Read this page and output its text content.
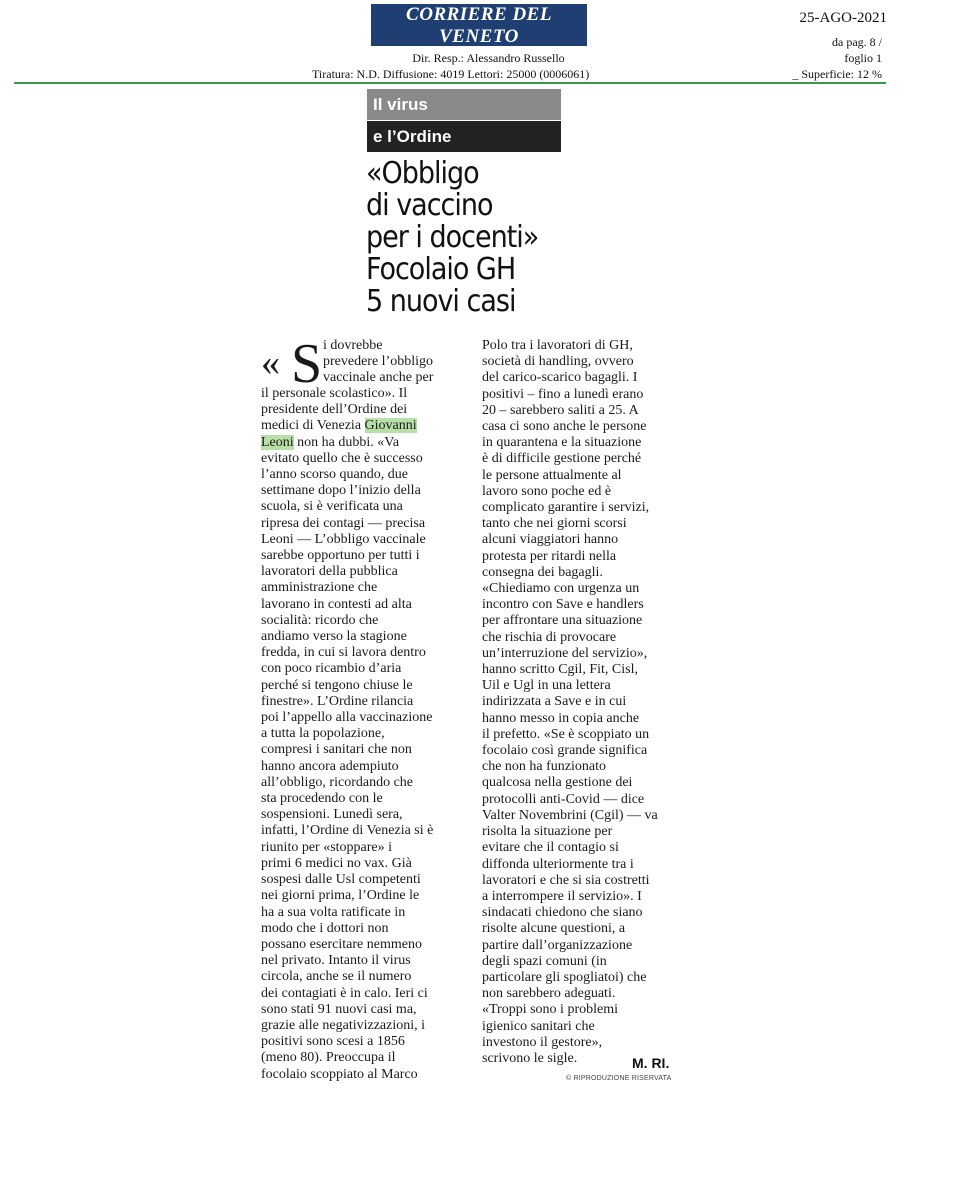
CORRIERE DEL VENETO
Dir. Resp.: Alessandro Russello
Tiratura: N.D. Diffusione: 4019 Lettori: 25000 (0006061)
25-AGO-2021
da pag. 8 /
foglio 1
_ Superficie: 12 %
Il virus
e l’Ordine
«Obbligo
di vaccino
per i docenti»
Focolaio GH
5 nuovi casi
« S i dovrebbe
prevedere l’obbligo
vaccinale anche per
il personale scolastico». Il
presidente dell’Ordine dei
medici di Venezia Giovanni
Leoni non ha dubbi. «Va
evitato quello che è successo
l’anno scorso quando, due
settimane dopo l’inizio della
scuola, si è verificata una
ripresa dei contagi — precisa
Leoni — L’obbligo vaccinale
sarebbe opportuno per tutti i
lavoratori della pubblica
amministrazione che
lavorano in contesti ad alta
socialità: ricordo che
andiamo verso la stagione
fredda, in cui si lavora dentro
con poco ricambio d’aria
perché si tengono chiuse le
finestre». L’Ordine rilancia
poi l’appello alla vaccinazione
a tutta la popolazione,
compresi i sanitari che non
hanno ancora adempiuto
all’obbligo, ricordando che
sta procedendo con le
sospensioni. Lunedì sera,
infatti, l’Ordine di Venezia si è
riunito per «stoppare» i
primi 6 medici no vax. Già
sospesi dalle Usl competenti
nei giorni prima, l’Ordine le
ha a sua volta ratificate in
modo che i dottori non
possano esercitare nemmeno
nel privato. Intanto il virus
circola, anche se il numero
dei contagiati è in calo. Ieri ci
sono stati 91 nuovi casi ma,
grazie alle negativizzazioni, i
positivi sono scesi a 1856
(meno 80). Preoccupa il
focolaio scoppiato al Marco
Polo tra i lavoratori di GH,
società di handling, ovvero
del carico-scarico bagagli. I
positivi – fino a lunedì erano
20 – sarebbero saliti a 25. A
casa ci sono anche le persone
in quarantena e la situazione
è di difficile gestione perché
le persone attualmente al
lavoro sono poche ed è
complicato garantire i servizi,
tanto che nei giorni scorsi
alcuni viaggiatori hanno
protesta per ritardi nella
consegna dei bagagli.
«Chiediamo con urgenza un
incontro con Save e handlers
per affrontare una situazione
che rischia di provocare
un’interruzione del servizio»,
hanno scritto Cgil, Fit, Cisl,
Uil e Ugl in una lettera
indirizzata a Save e in cui
hanno messo in copia anche
il prefetto. «Se è scoppiato un
focolaio così grande significa
che non ha funzionato
qualcosa nella gestione dei
protocolli anti-Covid — dice
Valter Novembrini (Cgil) — va
risolta la situazione per
evitare che il contagio si
diffonda ulteriormente tra i
lavoratori e che si sia costretti
a interrompere il servizio». I
sindacati chiedono che siano
risolte alcune questioni, a
partire dall’organizzazione
degli spazi comuni (in
particolare gli spogliatoi) che
non sarebbero adeguati.
«Troppi sono i problemi
igienico sanitari che
investono il gestore»,
scrivono le sigle.	M. RI.
© RIPRODUZIONE RISERVATA
